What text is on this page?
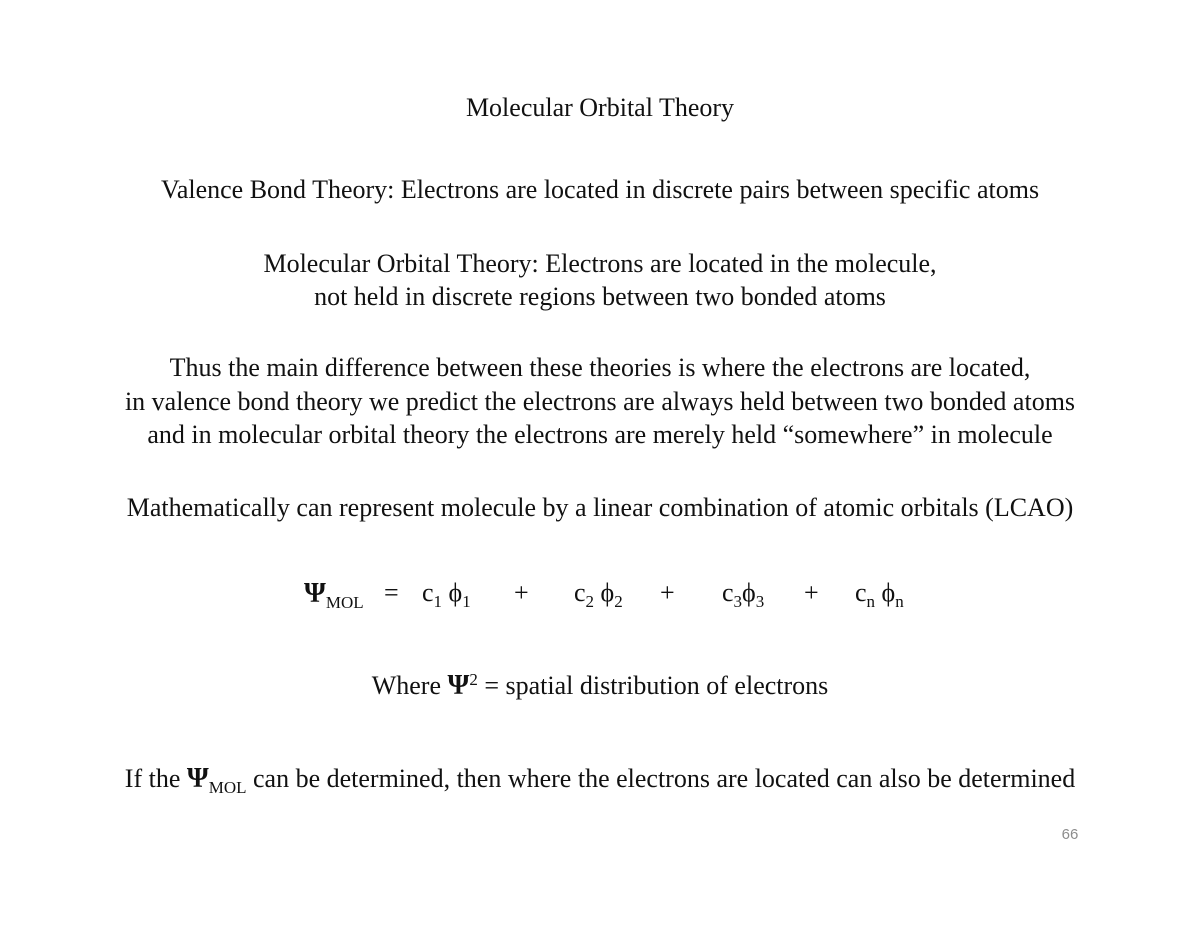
Molecular Orbital Theory
Valence Bond Theory: Electrons are located in discrete pairs between specific atoms
Molecular Orbital Theory: Electrons are located in the molecule,
not held in discrete regions between two bonded atoms
Thus the main difference between these theories is where the electrons are located,
in valence bond theory we predict the electrons are always held between two bonded atoms
and in molecular orbital theory the electrons are merely held “somewhere” in molecule
Mathematically can represent molecule by a linear combination of atomic orbitals (LCAO)
$\Psi_{MOL} = c_1$ $\phi_1 + c_2$ $\phi_2 + c_3\phi_3 + c_n$ $\phi_n$
Where $\Psi^2$ = spatial distribution of electrons
If the $\Psi_{MOL}$ can be determined, then where the electrons are located can also be determined
66
